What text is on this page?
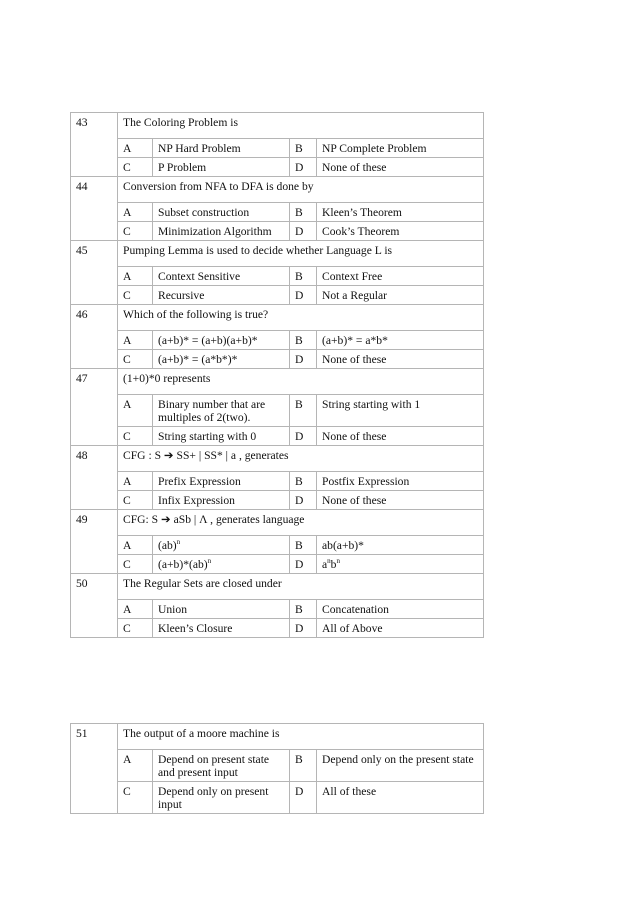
43	The Coloring Problem is			
	A	NP Hard Problem	B	NP Complete Problem
	C	P Problem	D	None of these
44	Conversion from NFA to DFA is done by			
	A	Subset construction	B	Kleen’s Theorem
	C	Minimization Algorithm	D	Cook’s Theorem
45	Pumping Lemma is used to decide whether Language L is			
	A	Context Sensitive	B	Context Free
	C	Recursive	D	Not a Regular
46	Which of the following is true?			
	A	(a+b)* = (a+b)(a+b)*	B	(a+b)* = a*b*
	C	(a+b)* = (a*b*)*	D	None of these
47	(1+0)*0 represents			
	A	Binary number that are multiples of 2(two).	B	String starting with 1
	C	String starting with 0	D	None of these
48	CFG : S ➔ SS+ | SS* | a , generates			
	A	Prefix Expression	B	Postfix Expression
	C	Infix Expression	D	None of these
49	CFG: S ➔ aSb | Λ , generates language			
	A	(ab)$^n$	B	ab(a+b)*
	C	(a+b)*(ab)$^n$	D	$a^nb^n$
50	The Regular Sets are closed under			
	A	Union	B	Concatenation
	C	Kleen’s Closure	D	All of Above
51	The output of a moore machine is			
	A	Depend on present state and present input	B	Depend only on the present state
	C	Depend only on present input	D	All of these
